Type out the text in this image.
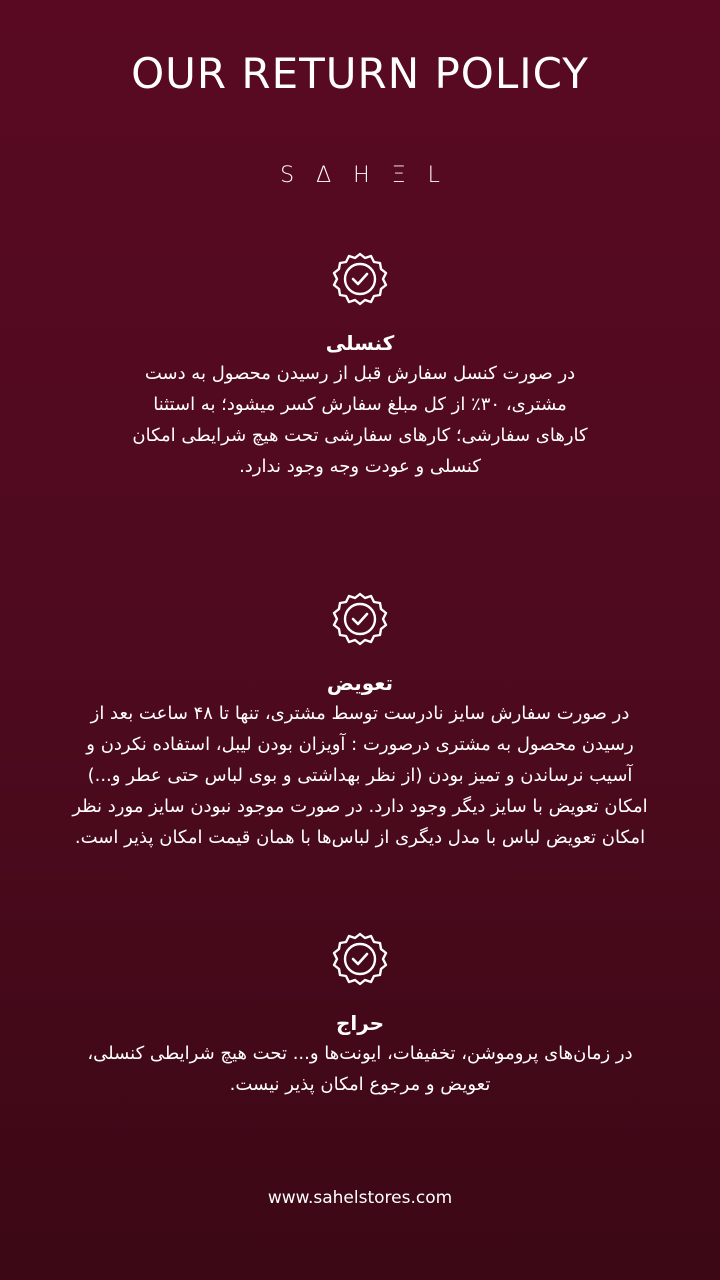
OUR RETURN POLICY
SΔHΞL
کنسلی
در صورت کنسل سفارش قبل از رسیدن محصول به دست مشتری، ۳۰٪ از کل مبلغ سفارش کسر میشود؛ به استثنا کارهای سفارشی؛ کارهای سفارشی تحت هیچ شرایطی امکان کنسلی و عودت وجه وجود ندارد.
تعویض
در صورت سفارش سایز نادرست توسط مشتری، تنها تا ۴۸ ساعت بعد از رسیدن محصول به مشتری درصورت : آویزان بودن لیبل، استفاده نکردن و آسیب نرساندن و تمیز بودن (از نظر بهداشتی و بوی لباس حتی عطر و...) امکان تعویض با سایز دیگر وجود دارد. در صورت موجود نبودن سایز مورد نظر امکان تعویض لباس با مدل دیگری از لباس‌ها با همان قیمت امکان پذیر است.
حراج
در زمان‌های پروموشن، تخفیفات، ایونت‌ها و... تحت هیچ شرایطی کنسلی، تعویض و مرجوع امکان پذیر نیست.
www.sahelstores.com
